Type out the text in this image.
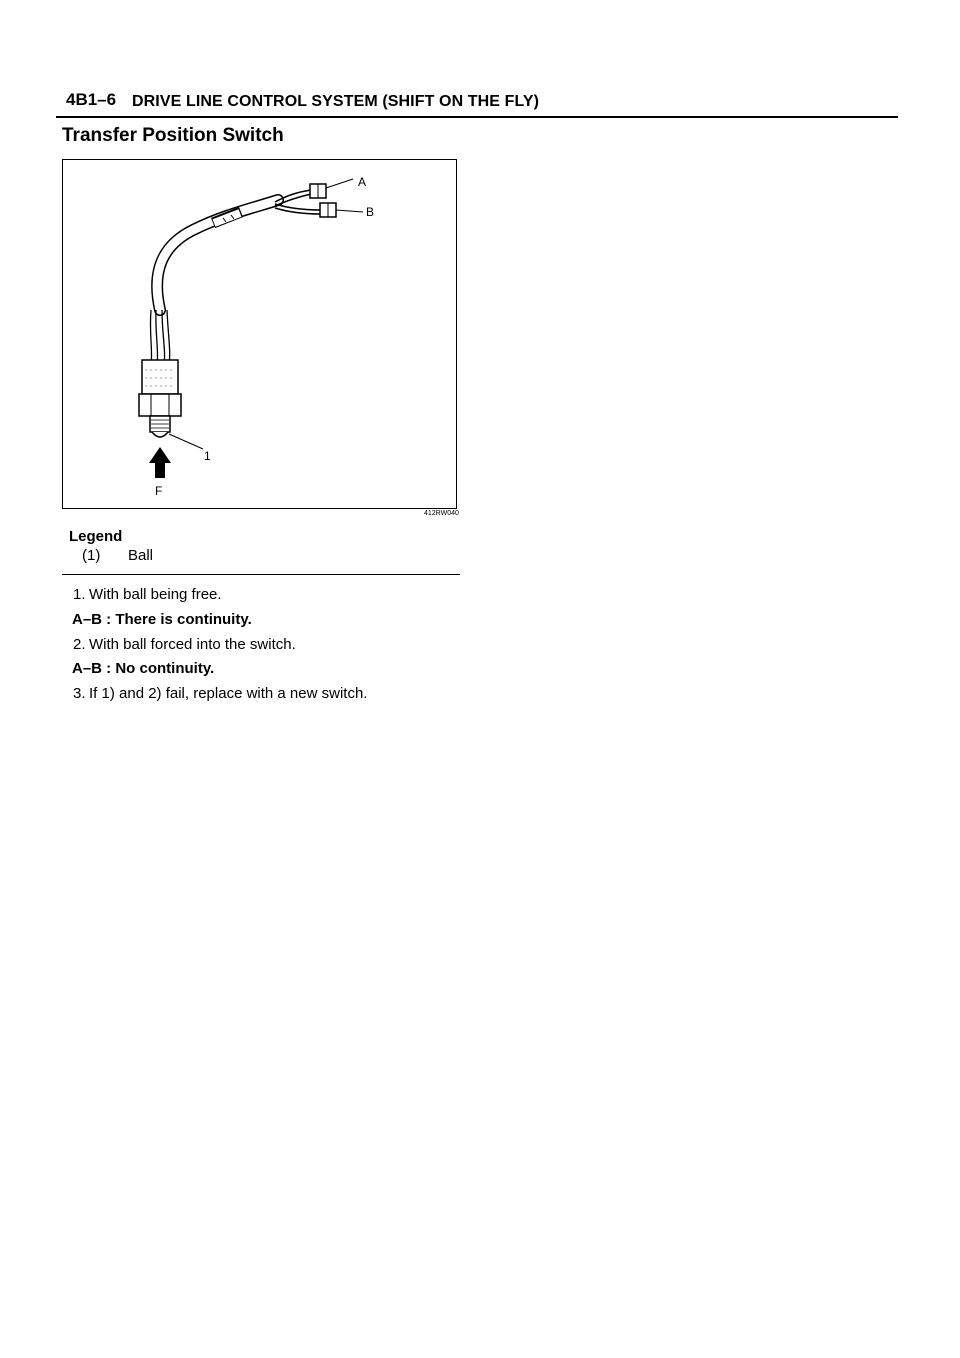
4B1–6 DRIVE LINE CONTROL SYSTEM (SHIFT ON THE FLY)
Transfer Position Switch
A
B
1
F
412RW040
Legend
(1) Ball
1. With ball being free.
A–B : There is continuity.
2. With ball forced into the switch.
A–B : No continuity.
3. If 1) and 2) fail, replace with a new switch.
